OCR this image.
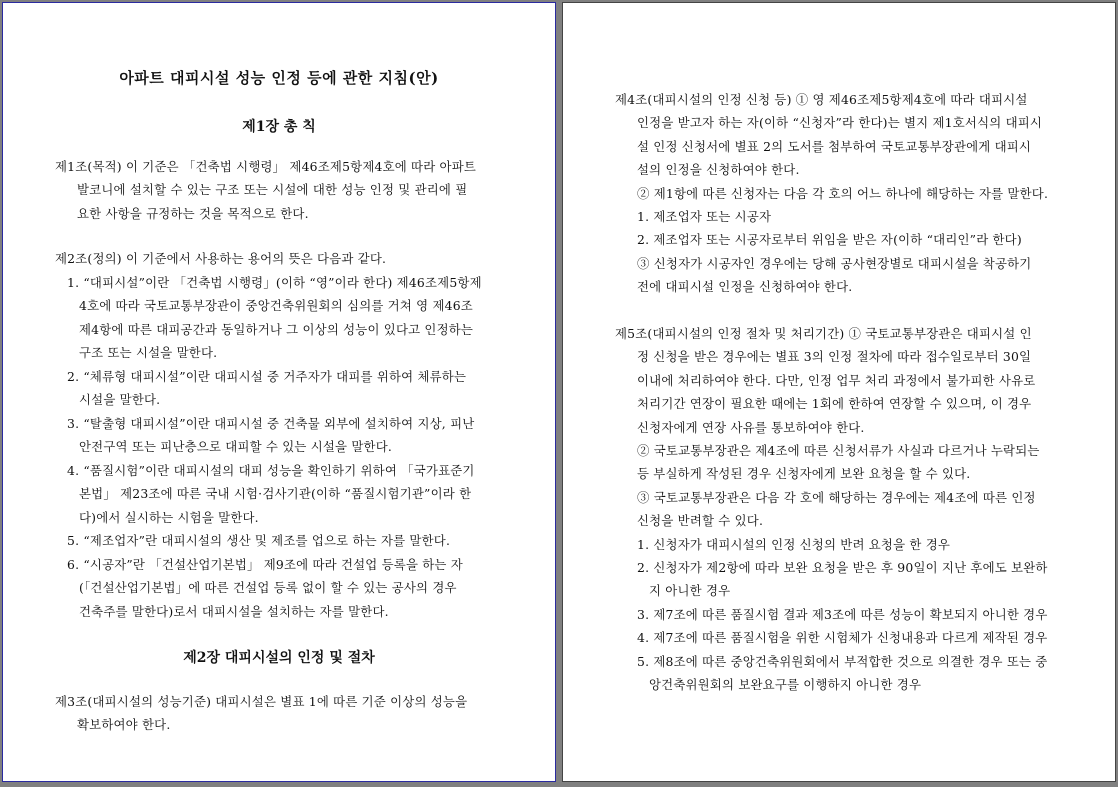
아파트 대피시설 성능 인정 등에 관한 지침(안)
제1장 총 칙
제1조(목적) 이 기준은 「건축법 시행령」 제46조제5항제4호에 따라 아파트
발코니에 설치할 수 있는 구조 또는 시설에 대한 성능 인정 및 관리에 필
요한 사항을 규정하는 것을 목적으로 한다.
제2조(정의) 이 기준에서 사용하는 용어의 뜻은 다음과 같다.
1. “대피시설”이란 「건축법 시행령」(이하 “영”이라 한다) 제46조제5항제
4호에 따라 국토교통부장관이 중앙건축위원회의 심의를 거쳐 영 제46조
제4항에 따른 대피공간과 동일하거나 그 이상의 성능이 있다고 인정하는
구조 또는 시설을 말한다.
2. “체류형 대피시설”이란 대피시설 중 거주자가 대피를 위하여 체류하는
시설을 말한다.
3. “탈출형 대피시설”이란 대피시설 중 건축물 외부에 설치하여 지상, 피난
안전구역 또는 피난층으로 대피할 수 있는 시설을 말한다.
4. “품질시험”이란 대피시설의 대피 성능을 확인하기 위하여 「국가표준기
본법」 제23조에 따른 국내 시험·검사기관(이하 “품질시험기관”이라 한
다)에서 실시하는 시험을 말한다.
5. “제조업자”란 대피시설의 생산 및 제조를 업으로 하는 자를 말한다.
6. “시공자”란 「건설산업기본법」 제9조에 따라 건설업 등록을 하는 자
(「건설산업기본법」에 따른 건설업 등록 없이 할 수 있는 공사의 경우
건축주를 말한다)로서 대피시설을 설치하는 자를 말한다.
제2장 대피시설의 인정 및 절차
제3조(대피시설의 성능기준) 대피시설은 별표 1에 따른 기준 이상의 성능을
확보하여야 한다.
제4조(대피시설의 인정 신청 등) ① 영 제46조제5항제4호에 따라 대피시설
인정을 받고자 하는 자(이하 “신청자”라 한다)는 별지 제1호서식의 대피시
설 인정 신청서에 별표 2의 도서를 첨부하여 국토교통부장관에게 대피시
설의 인정을 신청하여야 한다.
② 제1항에 따른 신청자는 다음 각 호의 어느 하나에 해당하는 자를 말한다.
1. 제조업자 또는 시공자
2. 제조업자 또는 시공자로부터 위임을 받은 자(이하 “대리인”라 한다)
③ 신청자가 시공자인 경우에는 당해 공사현장별로 대피시설을 착공하기
전에 대피시설 인정을 신청하여야 한다.
제5조(대피시설의 인정 절차 및 처리기간) ① 국토교통부장관은 대피시설 인
정 신청을 받은 경우에는 별표 3의 인정 절차에 따라 접수일로부터 30일
이내에 처리하여야 한다. 다만, 인정 업무 처리 과정에서 불가피한 사유로
처리기간 연장이 필요한 때에는 1회에 한하여 연장할 수 있으며, 이 경우
신청자에게 연장 사유를 통보하여야 한다.
② 국토교통부장관은 제4조에 따른 신청서류가 사실과 다르거나 누락되는
등 부실하게 작성된 경우 신청자에게 보완 요청을 할 수 있다.
③ 국토교통부장관은 다음 각 호에 해당하는 경우에는 제4조에 따른 인정
신청을 반려할 수 있다.
1. 신청자가 대피시설의 인정 신청의 반려 요청을 한 경우
2. 신청자가 제2항에 따라 보완 요청을 받은 후 90일이 지난 후에도 보완하
지 아니한 경우
3. 제7조에 따른 품질시험 결과 제3조에 따른 성능이 확보되지 아니한 경우
4. 제7조에 따른 품질시험을 위한 시험체가 신청내용과 다르게 제작된 경우
5. 제8조에 따른 중앙건축위원회에서 부적합한 것으로 의결한 경우 또는 중
앙건축위원회의 보완요구를 이행하지 아니한 경우
